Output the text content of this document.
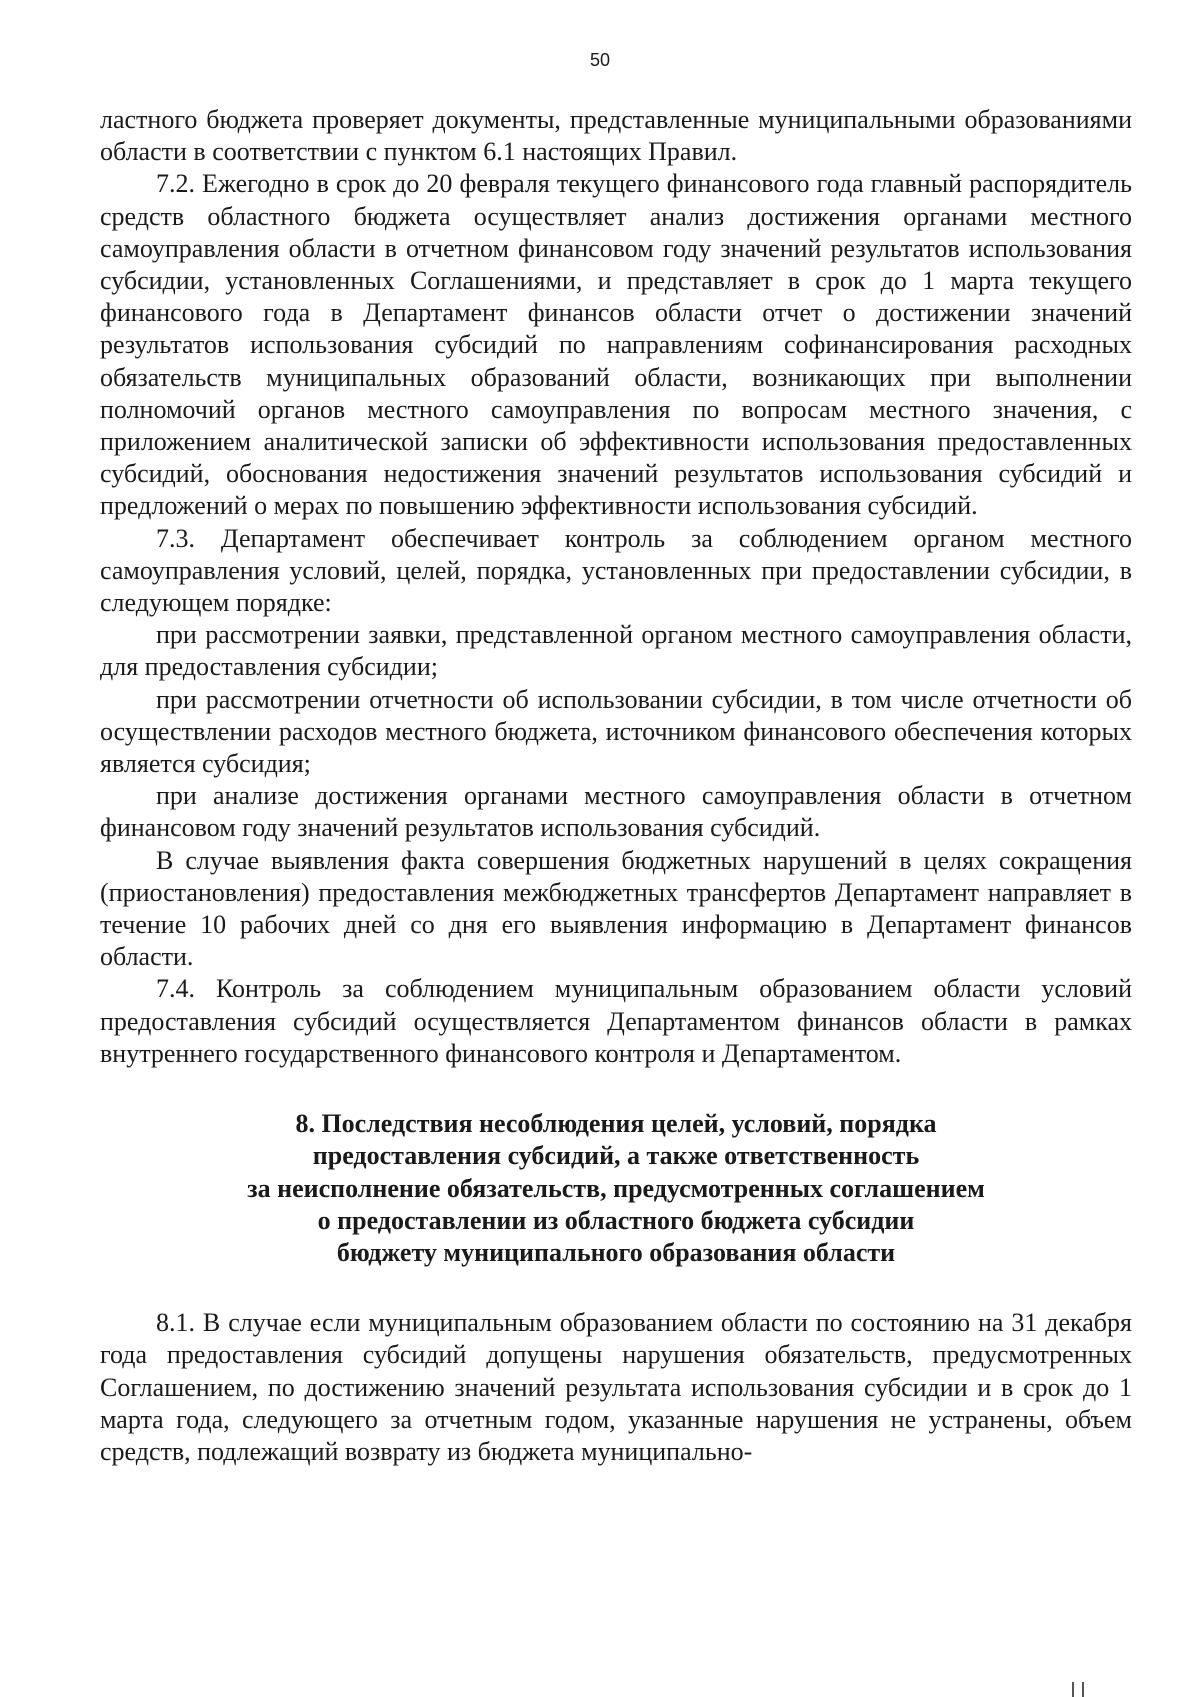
50

ластного бюджета проверяет документы, представленные муниципальными образованиями области в соответствии с пунктом 6.1 настоящих Правил.

7.2. Ежегодно в срок до 20 февраля текущего финансового года главный распорядитель средств областного бюджета осуществляет анализ достижения органами местного самоуправления области в отчетном финансовом году значений результатов использования субсидии, установленных Соглашениями, и представляет в срок до 1 марта текущего финансового года в Департамент финансов области отчет о достижении значений результатов использования субсидий по направлениям софинансирования расходных обязательств муниципальных образований области, возникающих при выполнении полномочий органов местного самоуправления по вопросам местного значения, с приложением аналитической записки об эффективности использования предоставленных субсидий, обоснования недостижения значений результатов использования субсидий и предложений о мерах по повышению эффективности использования субсидий.

7.3. Департамент обеспечивает контроль за соблюдением органом местного самоуправления условий, целей, порядка, установленных при предоставлении субсидии, в следующем порядке:

при рассмотрении заявки, представленной органом местного самоуправления области, для предоставления субсидии;

при рассмотрении отчетности об использовании субсидии, в том числе отчетности об осуществлении расходов местного бюджета, источником финансового обеспечения которых является субсидия;

при анализе достижения органами местного самоуправления области в отчетном финансовом году значений результатов использования субсидий.

В случае выявления факта совершения бюджетных нарушений в целях сокращения (приостановления) предоставления межбюджетных трансфертов Департамент направляет в течение 10 рабочих дней со дня его выявления информацию в Департамент финансов области.

7.4. Контроль за соблюдением муниципальным образованием области условий предоставления субсидий осуществляется Департаментом финансов области в рамках внутреннего государственного финансового контроля и Департаментом.

8. Последствия несоблюдения целей, условий, порядка
предоставления субсидий, а также ответственность
за неисполнение обязательств, предусмотренных соглашением
о предоставлении из областного бюджета субсидии
бюджету муниципального образования области

8.1. В случае если муниципальным образованием области по состоянию на 31 декабря года предоставления субсидий допущены нарушения обязательств, предусмотренных Соглашением, по достижению значений результата использования субсидии и в срок до 1 марта года, следующего за отчетным годом, указанные нарушения не устранены, объем средств, подлежащий возврату из бюджета муниципально-
